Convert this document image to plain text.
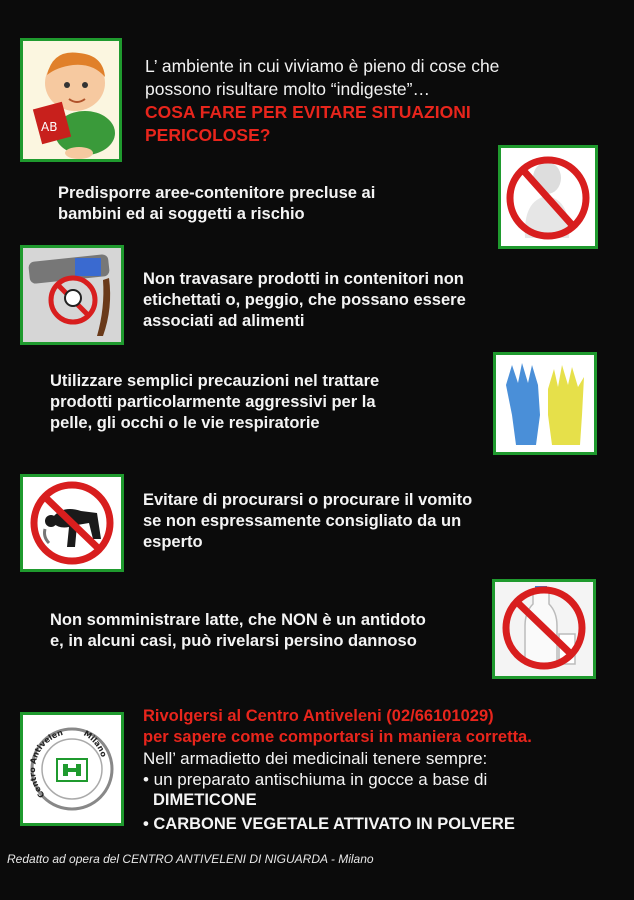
AB
L’ ambiente in cui viviamo è pieno di cose che
possono risultare molto “indigeste”…
COSA FARE PER EVITARE SITUAZIONI
PERICOLOSE?
Predisporre aree-contenitore precluse ai
bambini ed ai soggetti a rischio
Non travasare prodotti in contenitori non
etichettati o, peggio, che possano essere
associati ad alimenti
Utilizzare semplici precauzioni nel trattare
prodotti particolarmente aggressivi per la
pelle, gli occhi o le vie respiratorie
Evitare di procurarsi o procurare il vomito
se non espressamente consigliato da un
esperto
Non somministrare latte, che NON è un antidoto
e, in alcuni casi, può rivelarsi persino dannoso
Centro Antivelen Milano
Rivolgersi al Centro Antiveleni (02/66101029)
per sapere come comportarsi in maniera corretta.
Nell’ armadietto dei medicinali tenere sempre:
• un preparato antischiuma in gocce a base di
DIMETICONE
• CARBONE VEGETALE ATTIVATO IN POLVERE
Redatto ad opera del CENTRO ANTIVELENI DI NIGUARDA - Milano
